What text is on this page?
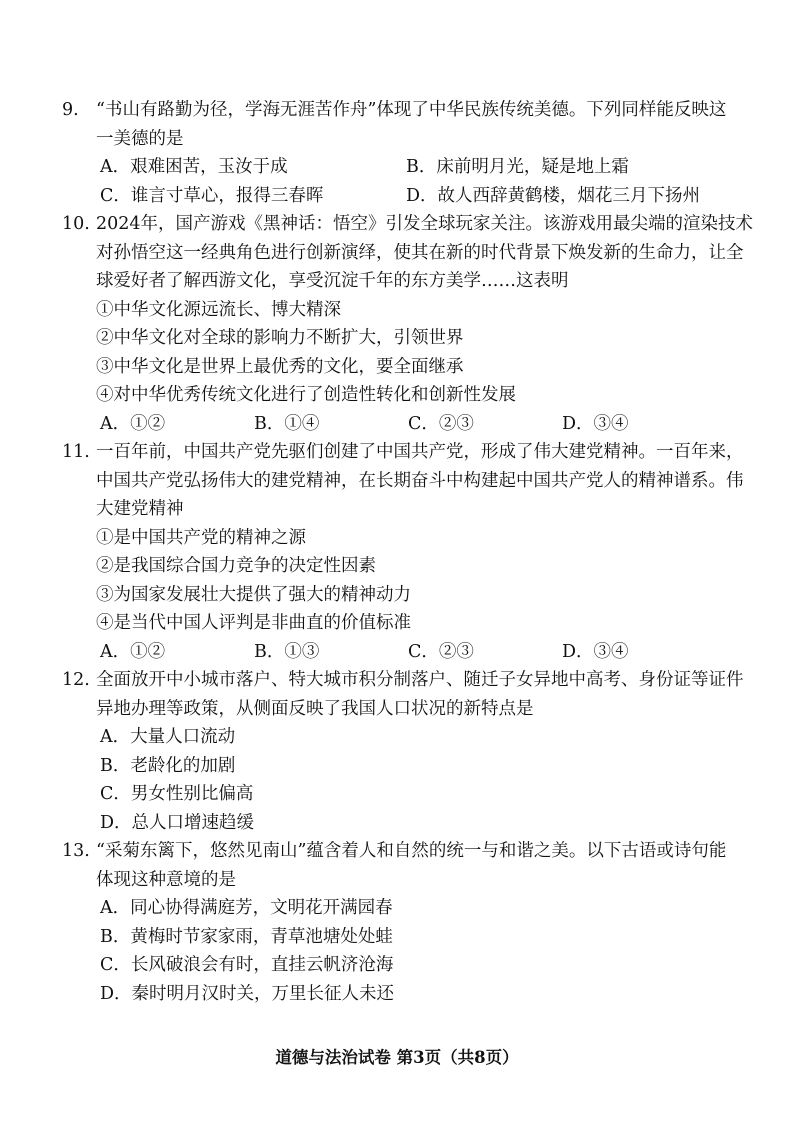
9. “书山有路勤为径，学海无涯苦作舟”体现了中华民族传统美德。下列同样能反映这
一美德的是
A．艰难困苦，玉汝于成	B．床前明月光，疑是地上霜
C．谁言寸草心，报得三春晖	D．故人西辞黄鹤楼，烟花三月下扬州
10. 2024年，国产游戏《黑神话：悟空》引发全球玩家关注。该游戏用最尖端的渲染技术
对孙悟空这一经典角色进行创新演绎，使其在新的时代背景下焕发新的生命力，让全
球爱好者了解西游文化，享受沉淀千年的东方美学……这表明
①中华文化源远流长、博大精深
②中华文化对全球的影响力不断扩大，引领世界
③中华文化是世界上最优秀的文化，要全面继承
④对中华优秀传统文化进行了创造性转化和创新性发展
A．①②	B．①④	C．②③	D．③④
11. 一百年前，中国共产党先驱们创建了中国共产党，形成了伟大建党精神。一百年来，
中国共产党弘扬伟大的建党精神，在长期奋斗中构建起中国共产党人的精神谱系。伟
大建党精神
①是中国共产党的精神之源
②是我国综合国力竞争的决定性因素
③为国家发展壮大提供了强大的精神动力
④是当代中国人评判是非曲直的价值标准
A．①②	B．①③	C．②③	D．③④
12. 全面放开中小城市落户、特大城市积分制落户、随迁子女异地中高考、身份证等证件
异地办理等政策，从侧面反映了我国人口状况的新特点是
A．大量人口流动
B．老龄化的加剧
C．男女性别比偏高
D．总人口增速趋缓
13. “采菊东篱下，悠然见南山”蕴含着人和自然的统一与和谐之美。以下古语或诗句能
体现这种意境的是
A．同心协得满庭芳，文明花开满园春
B．黄梅时节家家雨，青草池塘处处蛙
C．长风破浪会有时，直挂云帆济沧海
D．秦时明月汉时关，万里长征人未还
道德与法治试卷 第3页（共8页）
